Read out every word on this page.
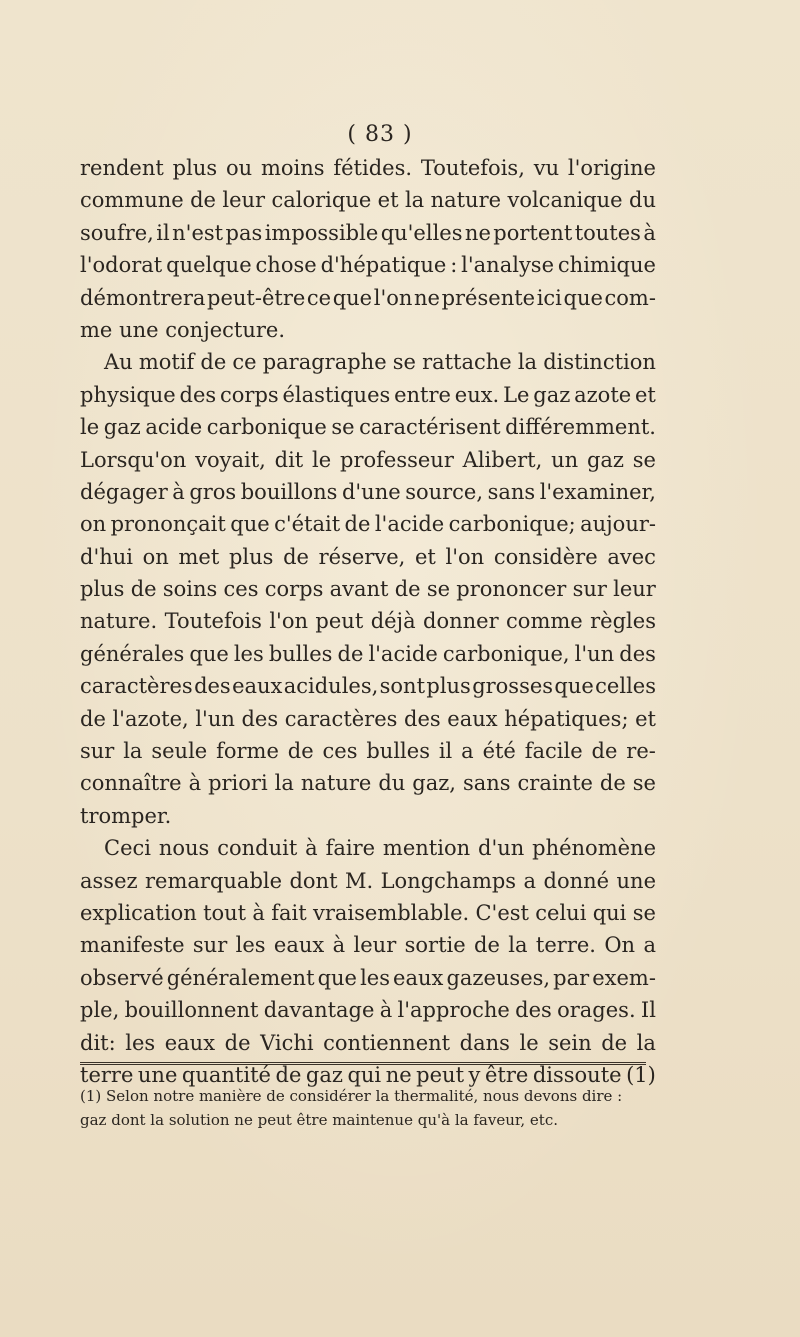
( 83 )
rendent plus ou moins fétides. Toutefois, vu l'origine
commune de leur calorique et la nature volcanique du
soufre, il n'est pas impossible qu'elles ne portent toutes à
l'odorat quelque chose d'hépatique : l'analyse chimique
démontrera peut-être ce que l'on ne présente ici que com-
me une conjecture.
Au motif de ce paragraphe se rattache la distinction
physique des corps élastiques entre eux. Le gaz azote et
le gaz acide carbonique se caractérisent différemment.
Lorsqu'on voyait, dit le professeur Alibert, un gaz se
dégager à gros bouillons d'une source, sans l'examiner,
on prononçait que c'était de l'acide carbonique; aujour-
d'hui on met plus de réserve, et l'on considère avec
plus de soins ces corps avant de se prononcer sur leur
nature. Toutefois l'on peut déjà donner comme règles
générales que les bulles de l'acide carbonique, l'un des
caractères des eaux acidules, sont plus grosses que celles
de l'azote, l'un des caractères des eaux hépatiques; et
sur la seule forme de ces bulles il a été facile de re-
connaître à priori la nature du gaz, sans crainte de se
tromper.
Ceci nous conduit à faire mention d'un phénomène
assez remarquable dont M. Longchamps a donné une
explication tout à fait vraisemblable. C'est celui qui se
manifeste sur les eaux à leur sortie de la terre. On a
observé généralement que les eaux gazeuses, par exem-
ple, bouillonnent davantage à l'approche des orages. Il
dit: les eaux de Vichi contiennent dans le sein de la
terre une quantité de gaz qui ne peut y être dissoute (1)
(1) Selon notre manière de considérer la thermalité, nous devons dire :
gaz dont la solution ne peut être maintenue qu'à la faveur, etc.
